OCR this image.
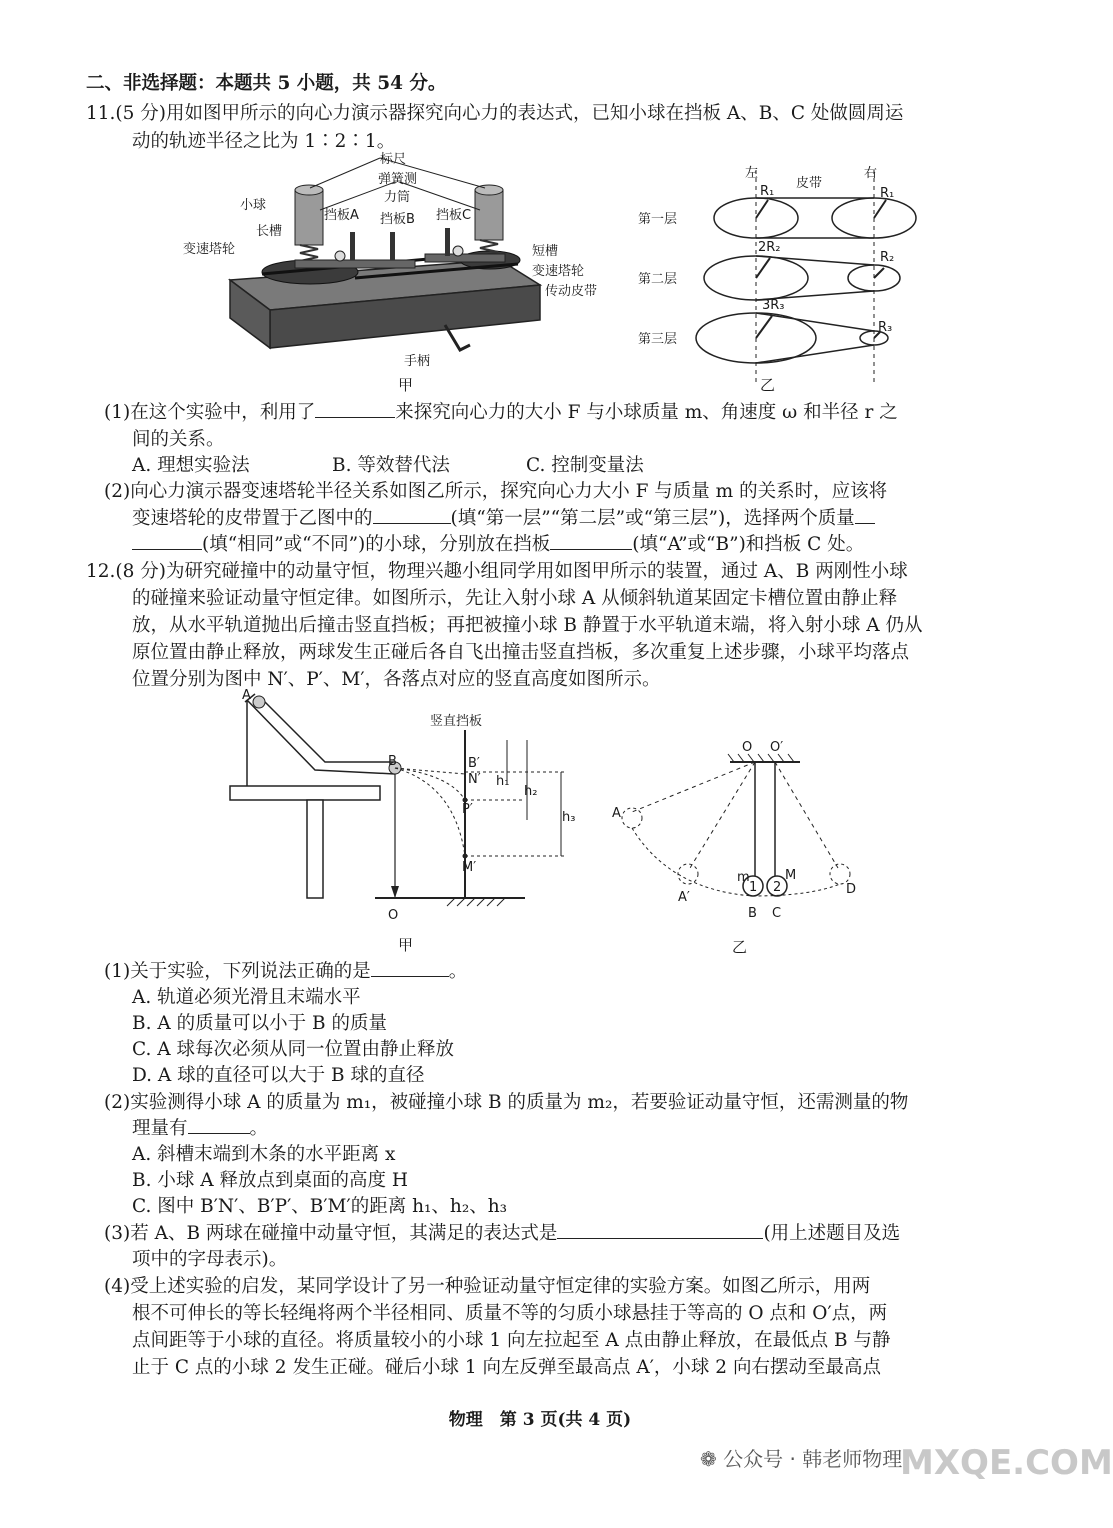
二、非选择题：本题共 5 小题，共 54 分。
11.(5 分)用如图甲所示的向心力演示器探究向心力的表达式，已知小球在挡板 A、B、C 处做圆周运
动的轨迹半径之比为 1∶2∶1。
标尺
弹簧测
力筒
小球
挡板A 挡板B 挡板C
长槽
变速塔轮	短槽
变速塔轮
传动皮带
手柄
甲
左	右
皮带
R₁	R₁
2R₂
R₂
3R₃
R₃
第一层
第二层
第三层
乙
(1)在这个实验中，利用了	来探究向心力的大小 F 与小球质量 m、角速度 ω 和半径 r 之
间的关系。
A. 理想实验法	B. 等效替代法	C. 控制变量法
(2)向心力演示器变速塔轮半径关系如图乙所示，探究向心力大小 F 与质量 m 的关系时，应该将
变速塔轮的皮带置于乙图中的	(填“第一层”“第二层”或“第三层”)，选择两个质量
(填“相同”或“不同”)的小球，分别放在挡板	(填“A”或“B”)和挡板 C 处。
12.(8 分)为研究碰撞中的动量守恒，物理兴趣小组同学用如图甲所示的装置，通过 A、B 两刚性小球
的碰撞来验证动量守恒定律。如图所示，先让入射小球 A 从倾斜轨道某固定卡槽位置由静止释
放，从水平轨道抛出后撞击竖直挡板；再把被撞小球 B 静置于水平轨道末端，将入射小球 A 仍从
原位置由静止释放，两球发生正碰后各自飞出撞击竖直挡板，多次重复上述步骤，小球平均落点
位置分别为图中 N′、P′、M′，各落点对应的竖直高度如图所示。
A
B
竖直挡板
B′
N′
P′
M′
O
h₁
h₂
h₃
甲
O O′
A
A′
D
m	M
1 2
B C
乙
(1)关于实验，下列说法正确的是	。
A. 轨道必须光滑且末端水平
B. A 的质量可以小于 B 的质量
C. A 球每次必须从同一位置由静止释放
D. A 球的直径可以大于 B 球的直径
(2)实验测得小球 A 的质量为 m₁，被碰撞小球 B 的质量为 m₂，若要验证动量守恒，还需测量的物
理量有	。
A. 斜槽末端到木条的水平距离 x
B. 小球 A 释放点到桌面的高度 H
C. 图中 B′N′、B′P′、B′M′的距离 h₁、h₂、h₃
(3)若 A、B 两球在碰撞中动量守恒，其满足的表达式是	(用上述题目及选
项中的字母表示)。
(4)受上述实验的启发，某同学设计了另一种验证动量守恒定律的实验方案。如图乙所示，用两
根不可伸长的等长轻绳将两个半径相同、质量不等的匀质小球悬挂于等高的 O 点和 O′点，两
点间距等于小球的直径。将质量较小的小球 1 向左拉起至 A 点由静止释放，在最低点 B 与静
止于 C 点的小球 2 发生正碰。碰后小球 1 向左反弹至最高点 A′，小球 2 向右摆动至最高点
物理　第 3 页(共 4 页)
MXQE.COM
❁ 公众号 · 韩老师物理
